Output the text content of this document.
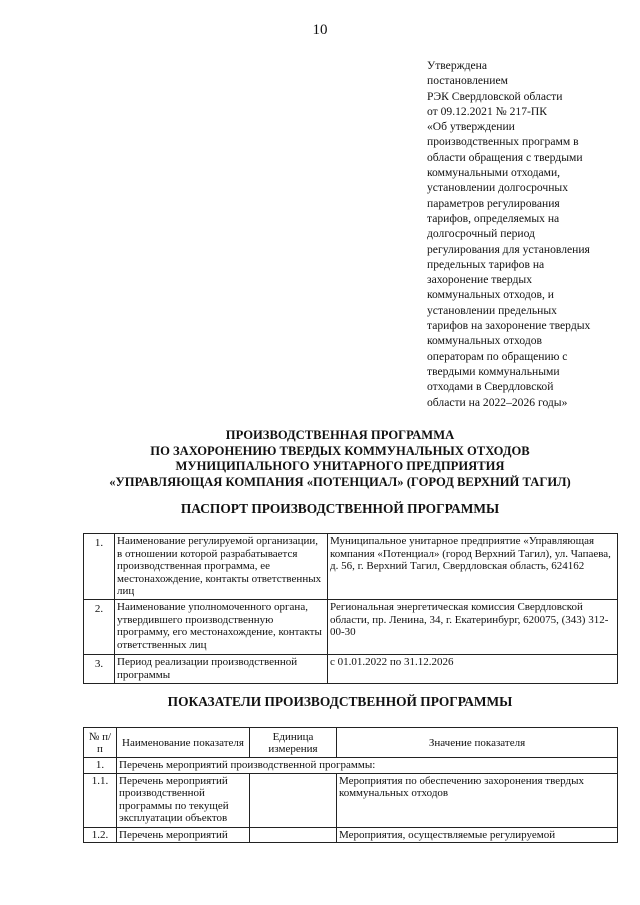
10
Утверждена
постановлением
РЭК Свердловской области
от 09.12.2021 № 217-ПК
«Об утверждении
производственных программ в
области обращения с твердыми
коммунальными отходами,
установлении долгосрочных
параметров регулирования
тарифов, определяемых на
долгосрочный период
регулирования для установления
предельных тарифов на
захоронение твердых
коммунальных отходов, и
установлении предельных
тарифов на захоронение твердых
коммунальных отходов
операторам по обращению с
твердыми коммунальными
отходами в Свердловской
области на 2022–2026 годы»
ПРОИЗВОДСТВЕННАЯ ПРОГРАММА
ПО ЗАХОРОНЕНИЮ ТВЕРДЫХ КОММУНАЛЬНЫХ ОТХОДОВ
МУНИЦИПАЛЬНОГО УНИТАРНОГО ПРЕДПРИЯТИЯ
«УПРАВЛЯЮЩАЯ КОМПАНИЯ «ПОТЕНЦИАЛ» (ГОРОД ВЕРХНИЙ ТАГИЛ)
ПАСПОРТ ПРОИЗВОДСТВЕННОЙ ПРОГРАММЫ
1.	Наименование регулируемой организации, в отношении которой разрабатывается производственная программа, ее местонахождение, контакты ответственных лиц	Муниципальное унитарное предприятие «Управляющая компания «Потенциал» (город Верхний Тагил), ул. Чапаева, д. 56, г. Верхний Тагил, Свердловская область, 624162
2.	Наименование уполномоченного органа, утвердившего производственную программу, его местонахождение, контакты ответственных лиц	Региональная энергетическая комиссия Свердловской области, пр. Ленина, 34, г. Екатеринбург, 620075, (343) 312-00-30
3.	Период реализации производственной программы	с 01.01.2022 по 31.12.2026
ПОКАЗАТЕЛИ ПРОИЗВОДСТВЕННОЙ ПРОГРАММЫ
№ п/п	Наименование показателя	Единица измерения	Значение показателя
1.	Перечень мероприятий производственной программы:		
1.1.	Перечень мероприятий производственной программы по текущей эксплуатации объектов		Мероприятия по обеспечению захоронения твердых коммунальных отходов
1.2.	Перечень мероприятий		Мероприятия, осуществляемые регулируемой
